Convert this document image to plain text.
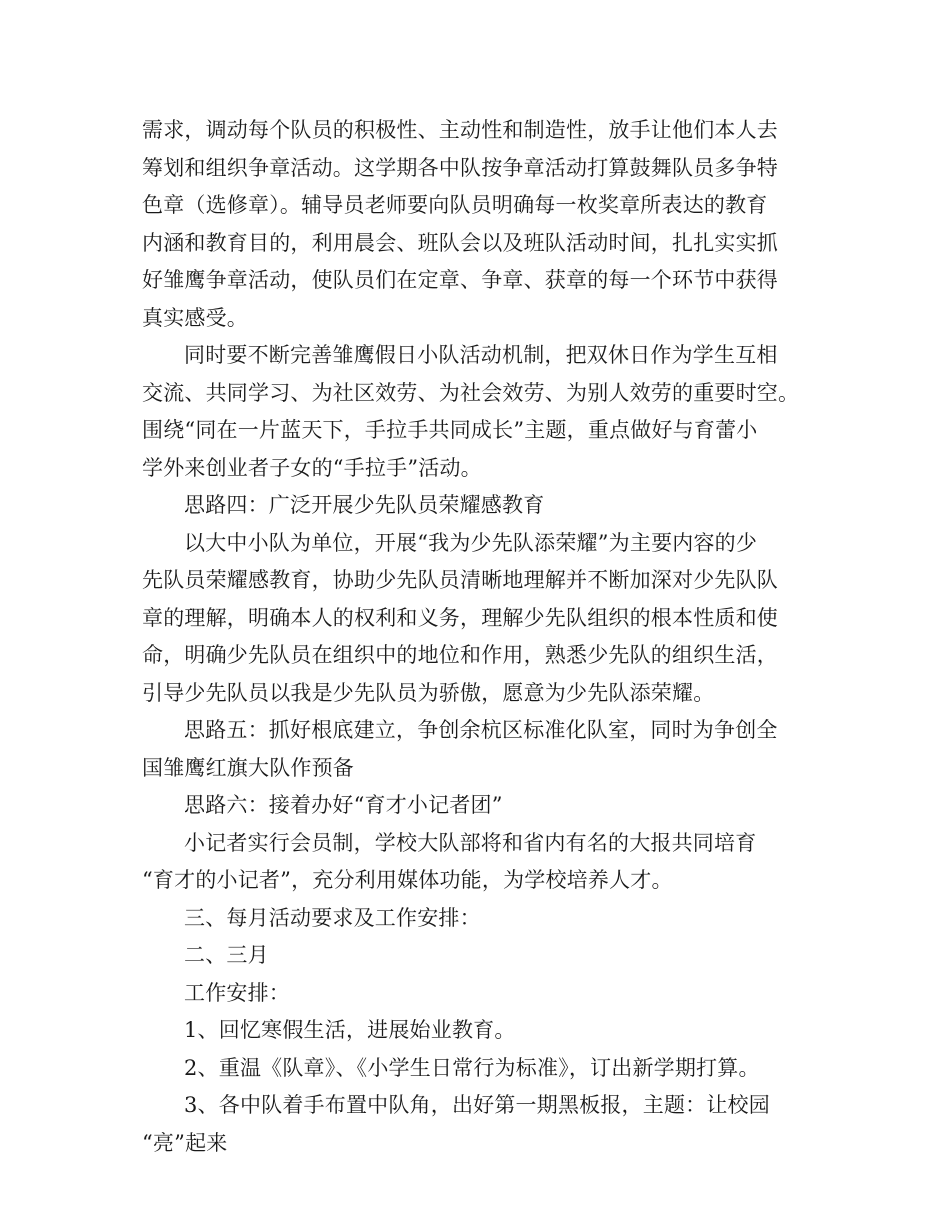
需求，调动每个队员的积极性、主动性和制造性，放手让他们本人去
筹划和组织争章活动。这学期各中队按争章活动打算鼓舞队员多争特
色章（选修章）。辅导员老师要向队员明确每一枚奖章所表达的教育
内涵和教育目的，利用晨会、班队会以及班队活动时间，扎扎实实抓
好雏鹰争章活动，使队员们在定章、争章、获章的每一个环节中获得
真实感受。
同时要不断完善雏鹰假日小队活动机制，把双休日作为学生互相
交流、共同学习、为社区效劳、为社会效劳、为别人效劳的重要时空。
围绕“同在一片蓝天下，手拉手共同成长”主题，重点做好与育蕾小
学外来创业者子女的“手拉手”活动。
思路四：广泛开展少先队员荣耀感教育
以大中小队为单位，开展“我为少先队添荣耀”为主要内容的少
先队员荣耀感教育，协助少先队员清晰地理解并不断加深对少先队队
章的理解，明确本人的权利和义务，理解少先队组织的根本性质和使
命，明确少先队员在组织中的地位和作用，熟悉少先队的组织生活，
引导少先队员以我是少先队员为骄傲，愿意为少先队添荣耀。
思路五：抓好根底建立，争创余杭区标准化队室，同时为争创全
国雏鹰红旗大队作预备
思路六：接着办好“育才小记者团”
小记者实行会员制，学校大队部将和省内有名的大报共同培育
“育才的小记者”，充分利用媒体功能，为学校培养人才。
三、每月活动要求及工作安排：
二、三月
工作安排：
1、回忆寒假生活，进展始业教育。
2、重温《队章》、《小学生日常行为标准》，订出新学期打算。
3、各中队着手布置中队角，出好第一期黑板报，主题：让校园
“亮”起来
